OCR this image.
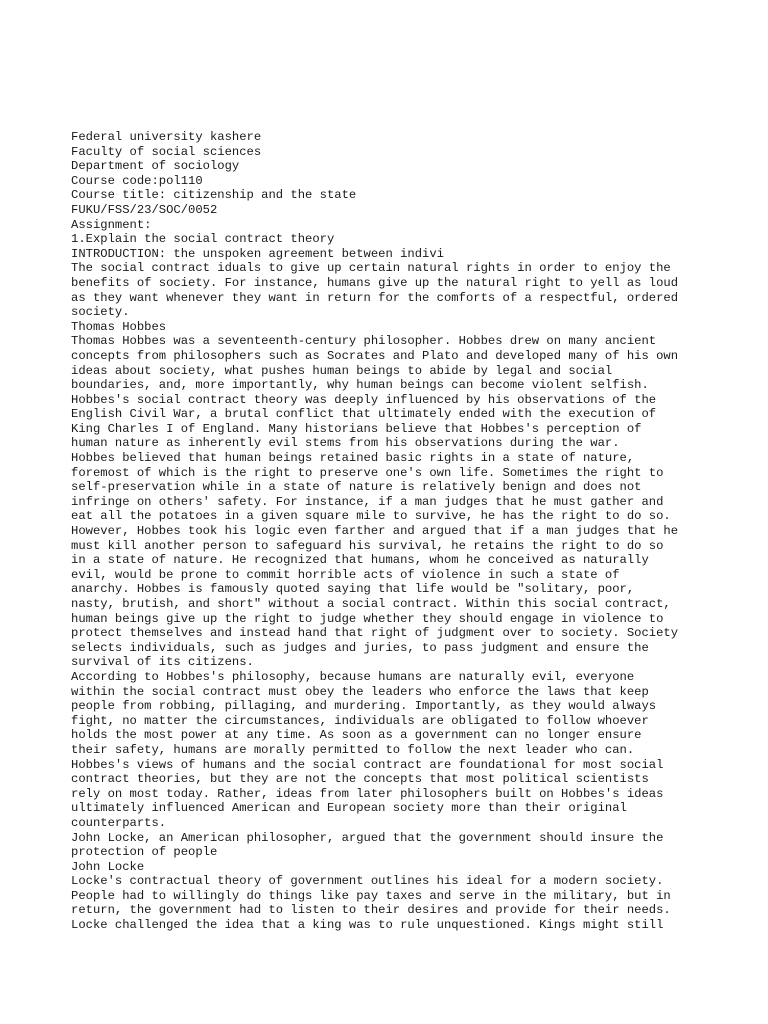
Federal university kashere
Faculty of social sciences
Department of sociology
Course code:pol110
Course title: citizenship and the state
FUKU/FSS/23/SOC/0052
Assignment:
1.Explain the social contract theory
INTRODUCTION: the unspoken agreement between indivi
The social contract iduals to give up certain natural rights in order to enjoy the
benefits of society. For instance, humans give up the natural right to yell as loud
as they want whenever they want in return for the comforts of a respectful, ordered
society.
Thomas Hobbes
Thomas Hobbes was a seventeenth-century philosopher. Hobbes drew on many ancient
concepts from philosophers such as Socrates and Plato and developed many of his own
ideas about society, what pushes human beings to abide by legal and social
boundaries, and, more importantly, why human beings can become violent selfish.
Hobbes's social contract theory was deeply influenced by his observations of the
English Civil War, a brutal conflict that ultimately ended with the execution of
King Charles I of England. Many historians believe that Hobbes's perception of
human nature as inherently evil stems from his observations during the war.
Hobbes believed that human beings retained basic rights in a state of nature,
foremost of which is the right to preserve one's own life. Sometimes the right to
self-preservation while in a state of nature is relatively benign and does not
infringe on others' safety. For instance, if a man judges that he must gather and
eat all the potatoes in a given square mile to survive, he has the right to do so.
However, Hobbes took his logic even farther and argued that if a man judges that he
must kill another person to safeguard his survival, he retains the right to do so
in a state of nature. He recognized that humans, whom he conceived as naturally
evil, would be prone to commit horrible acts of violence in such a state of
anarchy. Hobbes is famously quoted saying that life would be "solitary, poor,
nasty, brutish, and short" without a social contract. Within this social contract,
human beings give up the right to judge whether they should engage in violence to
protect themselves and instead hand that right of judgment over to society. Society
selects individuals, such as judges and juries, to pass judgment and ensure the
survival of its citizens.
According to Hobbes's philosophy, because humans are naturally evil, everyone
within the social contract must obey the leaders who enforce the laws that keep
people from robbing, pillaging, and murdering. Importantly, as they would always
fight, no matter the circumstances, individuals are obligated to follow whoever
holds the most power at any time. As soon as a government can no longer ensure
their safety, humans are morally permitted to follow the next leader who can.
Hobbes's views of humans and the social contract are foundational for most social
contract theories, but they are not the concepts that most political scientists
rely on most today. Rather, ideas from later philosophers built on Hobbes's ideas
ultimately influenced American and European society more than their original
counterparts.
John Locke, an American philosopher, argued that the government should insure the
protection of people
John Locke
Locke's contractual theory of government outlines his ideal for a modern society.
People had to willingly do things like pay taxes and serve in the military, but in
return, the government had to listen to their desires and provide for their needs.
Locke challenged the idea that a king was to rule unquestioned. Kings might still
